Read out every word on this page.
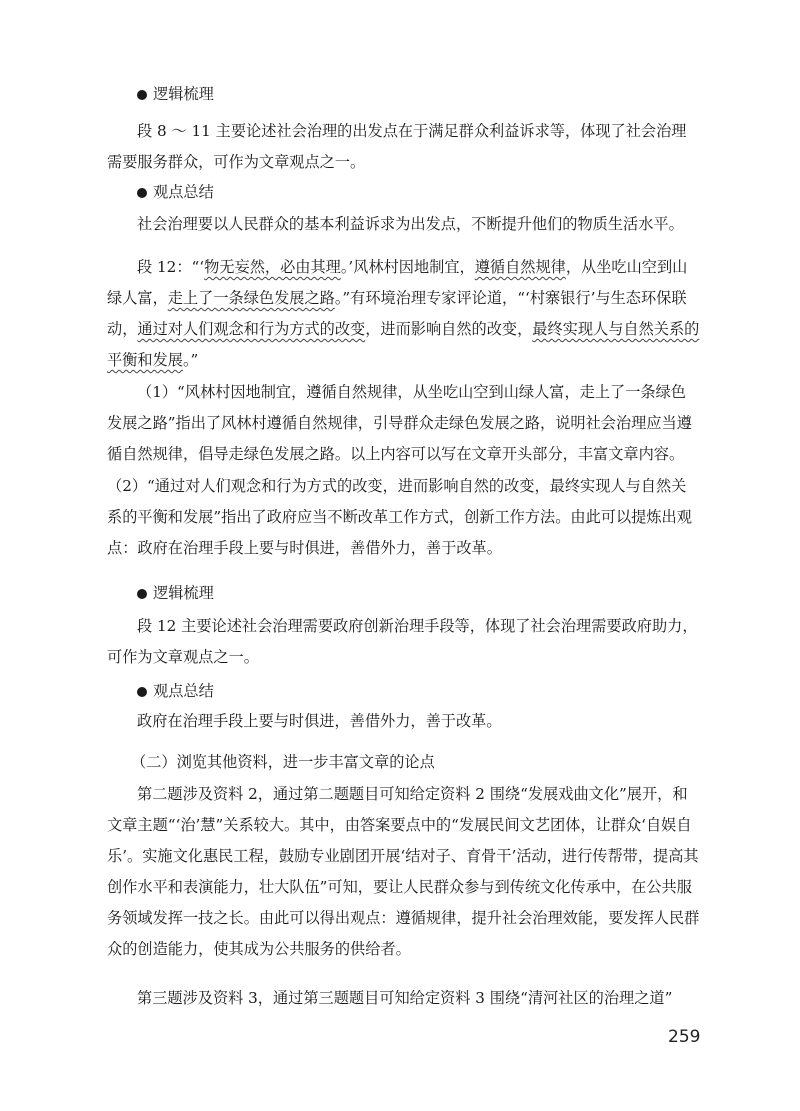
逻辑梳理

段 8 ～ 11 主要论述社会治理的出发点在于满足群众利益诉求等，体现了社会治理需要服务群众，可作为文章观点之一。

观点总结

社会治理要以人民群众的基本利益诉求为出发点，不断提升他们的物质生活水平。

段 12：“‘物无妄然，必由其理。’风林村因地制宜，遵循自然规律，从坐吃山空到山绿人富，走上了一条绿色发展之路。”有环境治理专家评论道，“‘村寨银行’与生态环保联动，通过对人们观念和行为方式的改变，进而影响自然的改变，最终实现人与自然关系的平衡和发展。”

（1）“风林村因地制宜，遵循自然规律，从坐吃山空到山绿人富，走上了一条绿色发展之路”指出了风林村遵循自然规律，引导群众走绿色发展之路，说明社会治理应当遵循自然规律，倡导走绿色发展之路。以上内容可以写在文章开头部分，丰富文章内容。

（2）“通过对人们观念和行为方式的改变，进而影响自然的改变，最终实现人与自然关系的平衡和发展”指出了政府应当不断改革工作方式，创新工作方法。由此可以提炼出观点：政府在治理手段上要与时俱进，善借外力，善于改革。

逻辑梳理

段 12 主要论述社会治理需要政府创新治理手段等，体现了社会治理需要政府助力，可作为文章观点之一。

观点总结

政府在治理手段上要与时俱进，善借外力，善于改革。

（二）浏览其他资料，进一步丰富文章的论点

第二题涉及资料 2，通过第二题题目可知给定资料 2 围绕“发展戏曲文化”展开，和文章主题“‘治’慧”关系较大。其中，由答案要点中的“发展民间文艺团体，让群众‘自娱自乐’。实施文化惠民工程，鼓励专业剧团开展‘结对子、育骨干’活动，进行传帮带，提高其创作水平和表演能力，壮大队伍”可知，要让人民群众参与到传统文化传承中，在公共服务领域发挥一技之长。由此可以得出观点：遵循规律，提升社会治理效能，要发挥人民群众的创造能力，使其成为公共服务的供给者。

第三题涉及资料 3，通过第三题题目可知给定资料 3 围绕“清河社区的治理之道”

259
